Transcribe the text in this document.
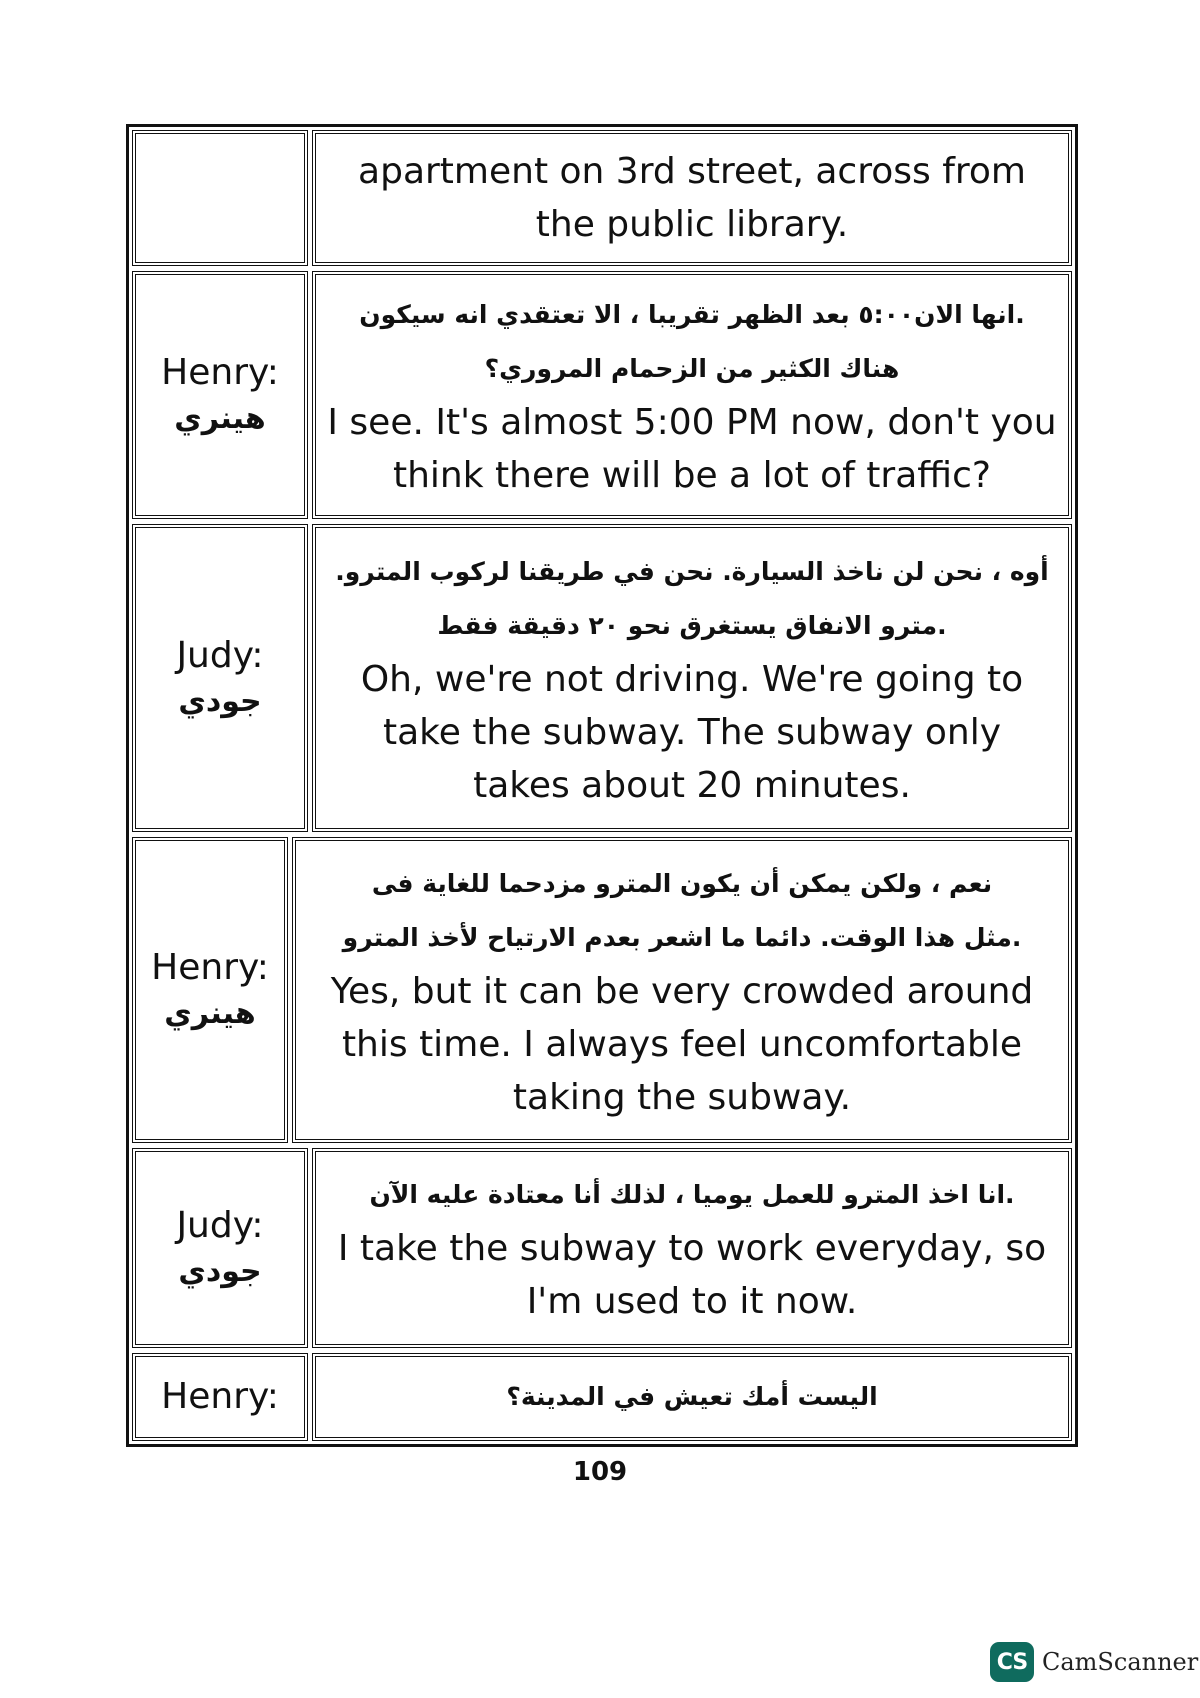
apartment on 3rd street, across from the public library.
Henry:
هينري
.انها الان٥:٠٠ بعد الظهر تقريبا ، الا تعتقدي انه سيكون
هناك الكثير من الزحمام المروري؟
I see. It's almost 5:00 PM now, don't you think there will be a lot of traffic?
Judy:
جودي
أوه ، نحن لن ناخذ السيارة. نحن في طريقنا لركوب المترو.
.مترو الانفاق يستغرق نحو ٢٠ دقيقة فقط
Oh, we're not driving. We're going to take the subway. The subway only takes about 20 minutes.
Henry:
هينري
نعم ، ولكن يمكن أن يكون المترو مزدحما للغاية فى
.مثل هذا الوقت. دائما ما اشعر بعدم الارتياح لأخذ المترو
Yes, but it can be very crowded around this time. I always feel uncomfortable taking the subway.
Judy:
جودي
.انا اخذ المترو للعمل يوميا ، لذلك أنا معتادة عليه الآن
I take the subway to work everyday, so I'm used to it now.
Henry:	اليست أمك تعيش في المدينة؟
109
CS CamScanner
